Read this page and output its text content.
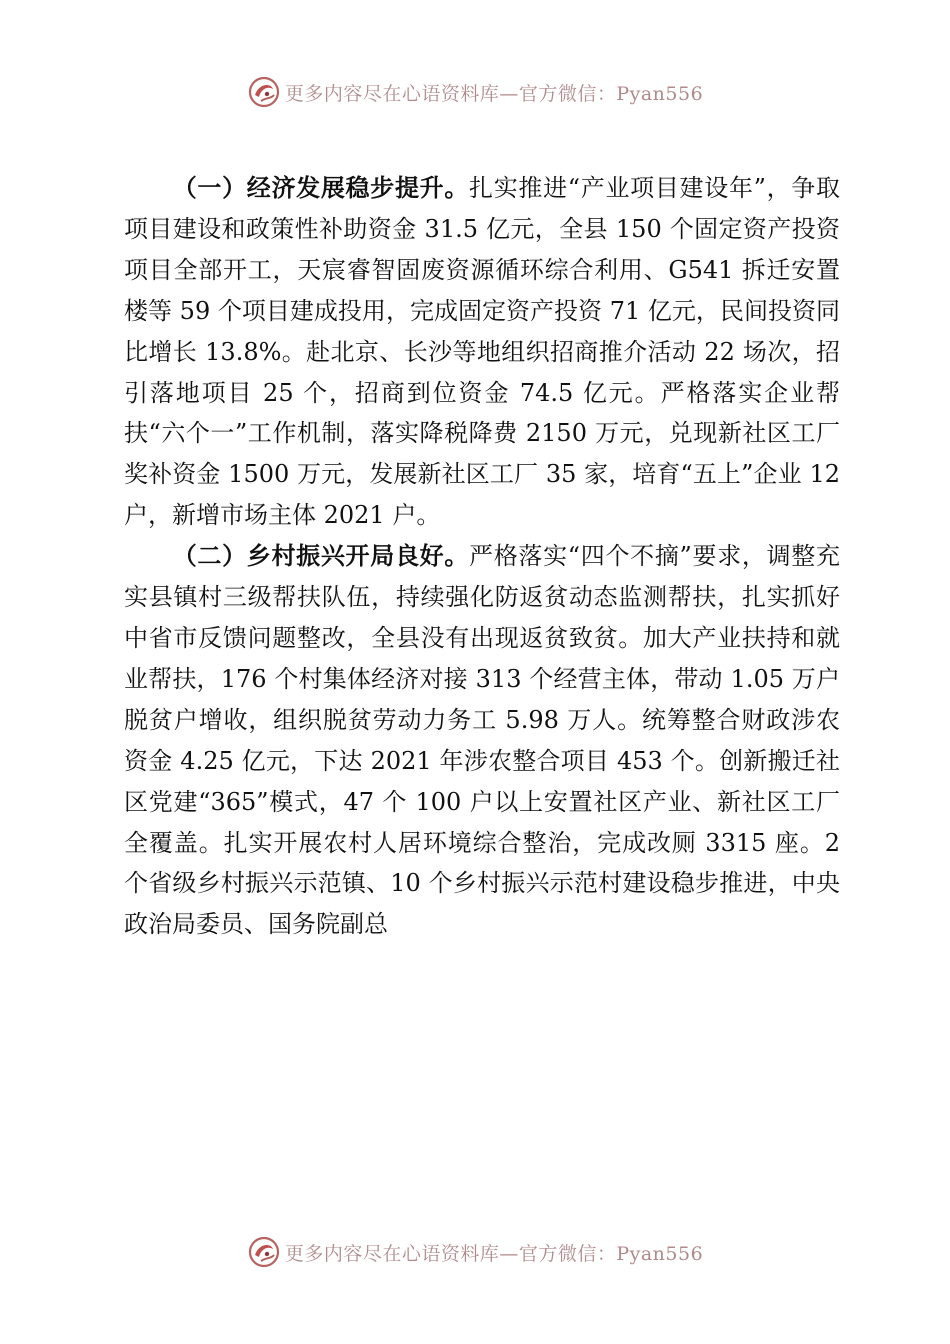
更多内容尽在心语资料库—官方微信：Pyan556

（一）经济发展稳步提升。扎实推进“产业项目建设年”，争取项目建设和政策性补助资金 31.5 亿元，全县 150 个固定资产投资项目全部开工，天宸睿智固废资源循环综合利用、G541 拆迁安置楼等 59 个项目建成投用，完成固定资产投资 71 亿元，民间投资同比增长 13.8%。赴北京、长沙等地组织招商推介活动 22 场次，招引落地项目 25 个，招商到位资金 74.5 亿元。严格落实企业帮扶“六个一”工作机制，落实降税降费 2150 万元，兑现新社区工厂奖补资金 1500 万元，发展新社区工厂 35 家，培育“五上”企业 12 户，新增市场主体 2021 户。

（二）乡村振兴开局良好。严格落实“四个不摘”要求，调整充实县镇村三级帮扶队伍，持续强化防返贫动态监测帮扶，扎实抓好中省市反馈问题整改，全县没有出现返贫致贫。加大产业扶持和就业帮扶，176 个村集体经济对接 313 个经营主体，带动 1.05 万户脱贫户增收，组织脱贫劳动力务工 5.98 万人。统筹整合财政涉农资金 4.25 亿元，下达 2021 年涉农整合项目 453 个。创新搬迁社区党建“365”模式，47 个 100 户以上安置社区产业、新社区工厂全覆盖。扎实开展农村人居环境综合整治，完成改厕 3315 座。2 个省级乡村振兴示范镇、10 个乡村振兴示范村建设稳步推进，中央政治局委员、国务院副总

更多内容尽在心语资料库—官方微信：Pyan556
